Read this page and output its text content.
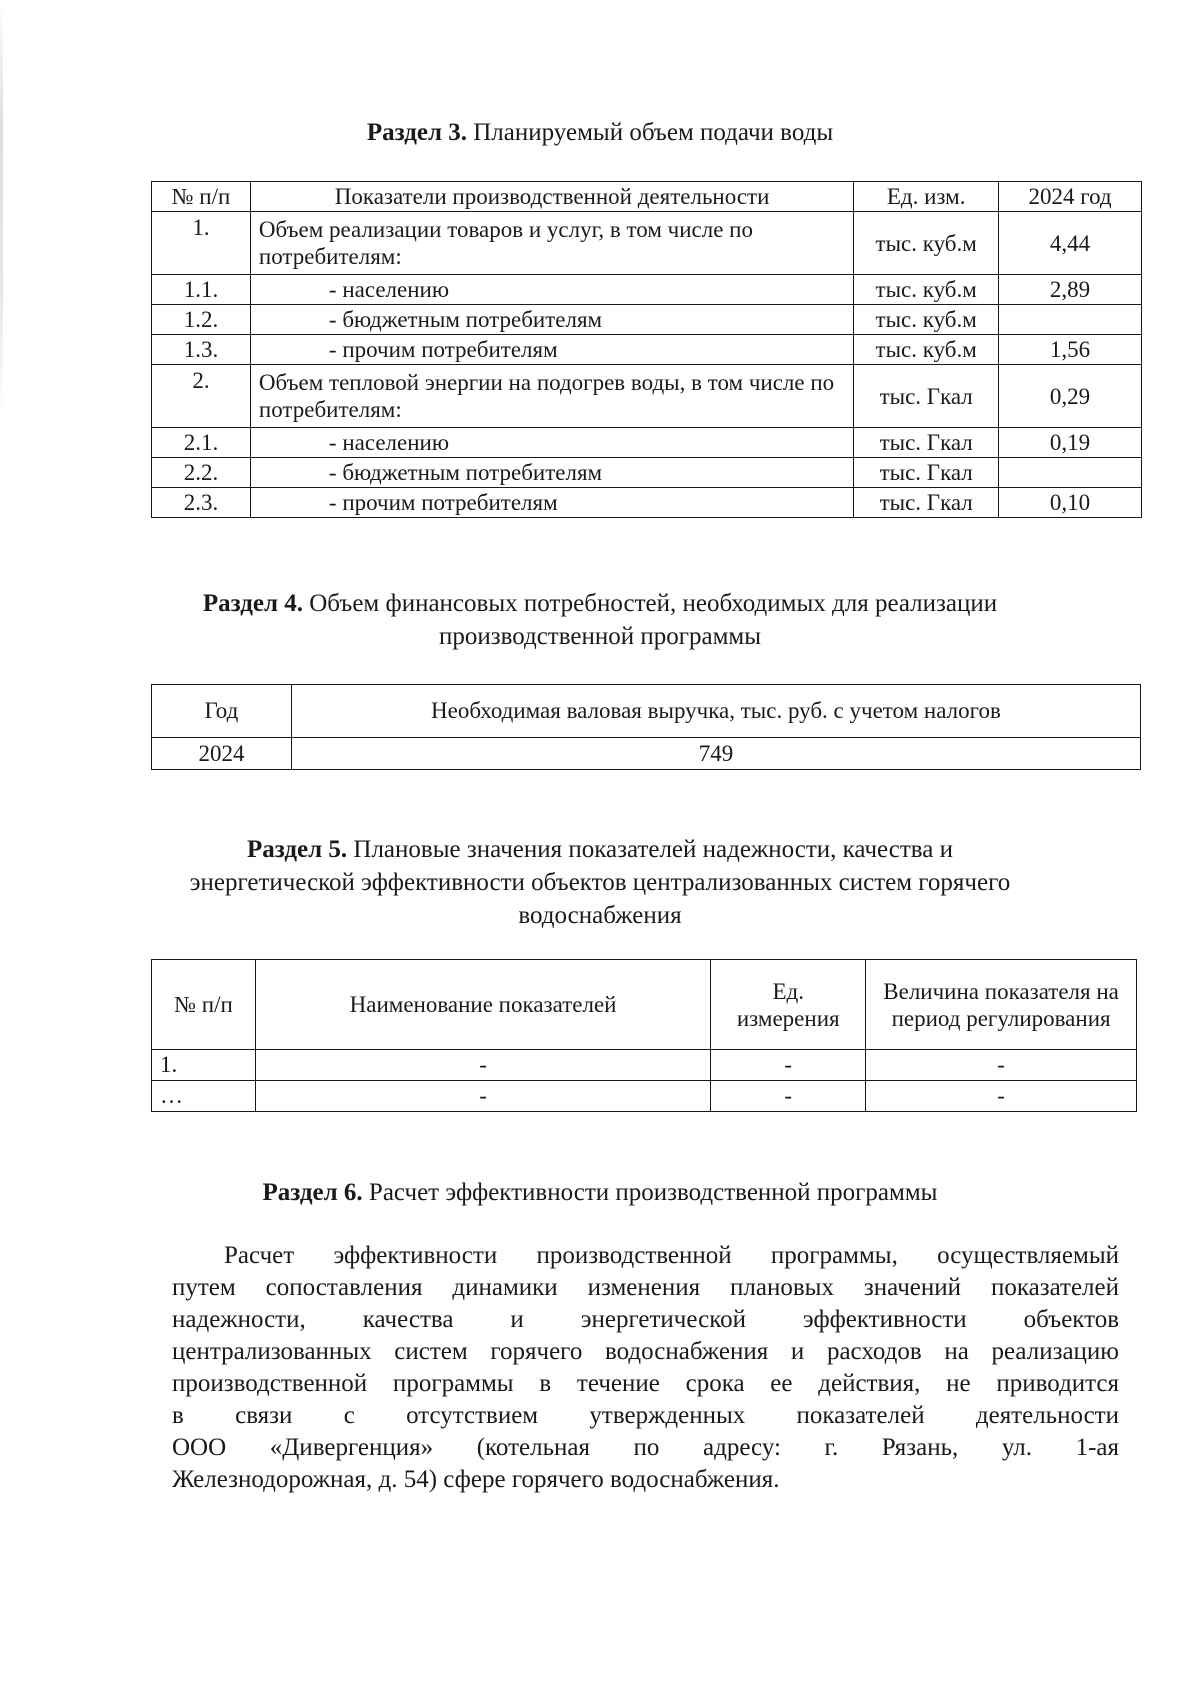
Раздел 3. Планируемый объем подачи воды
№ п/п	Показатели производственной деятельности	Ед. изм.	2024 год
1.	Объем реализации товаров и услуг, в том числе по потребителям:	тыс. куб.м	4,44
1.1.	- населению	тыс. куб.м	2,89
1.2.	- бюджетным потребителям	тыс. куб.м	
1.3.	- прочим потребителям	тыс. куб.м	1,56
2.	Объем тепловой энергии на подогрев воды, в том числе по потребителям:	тыс. Гкал	0,29
2.1.	- населению	тыс. Гкал	0,19
2.2.	- бюджетным потребителям	тыс. Гкал	
2.3.	- прочим потребителям	тыс. Гкал	0,10
Раздел 4. Объем финансовых потребностей, необходимых для реализации
производственной программы
Год	Необходимая валовая выручка, тыс. руб. с учетом налогов
2024	749
Раздел 5. Плановые значения показателей надежности, качества и
энергетической эффективности объектов централизованных систем горячего
водоснабжения
№ п/п	Наименование показателей	Ед. измерения	Величина показателя на период регулирования
1.	-	-	-
…	-	-	-
Раздел 6. Расчет эффективности производственной программы
Расчет эффективности производственной программы, осуществляемый
путем сопоставления динамики изменения плановых значений показателей
надежности, качества и энергетической эффективности объектов
централизованных систем горячего водоснабжения и расходов на реализацию
производственной программы в течение срока ее действия, не приводится
в связи с отсутствием утвержденных показателей деятельности
ООО «Дивергенция» (котельная по адресу: г. Рязань, ул. 1-ая
Железнодорожная, д. 54) сфере горячего водоснабжения.
